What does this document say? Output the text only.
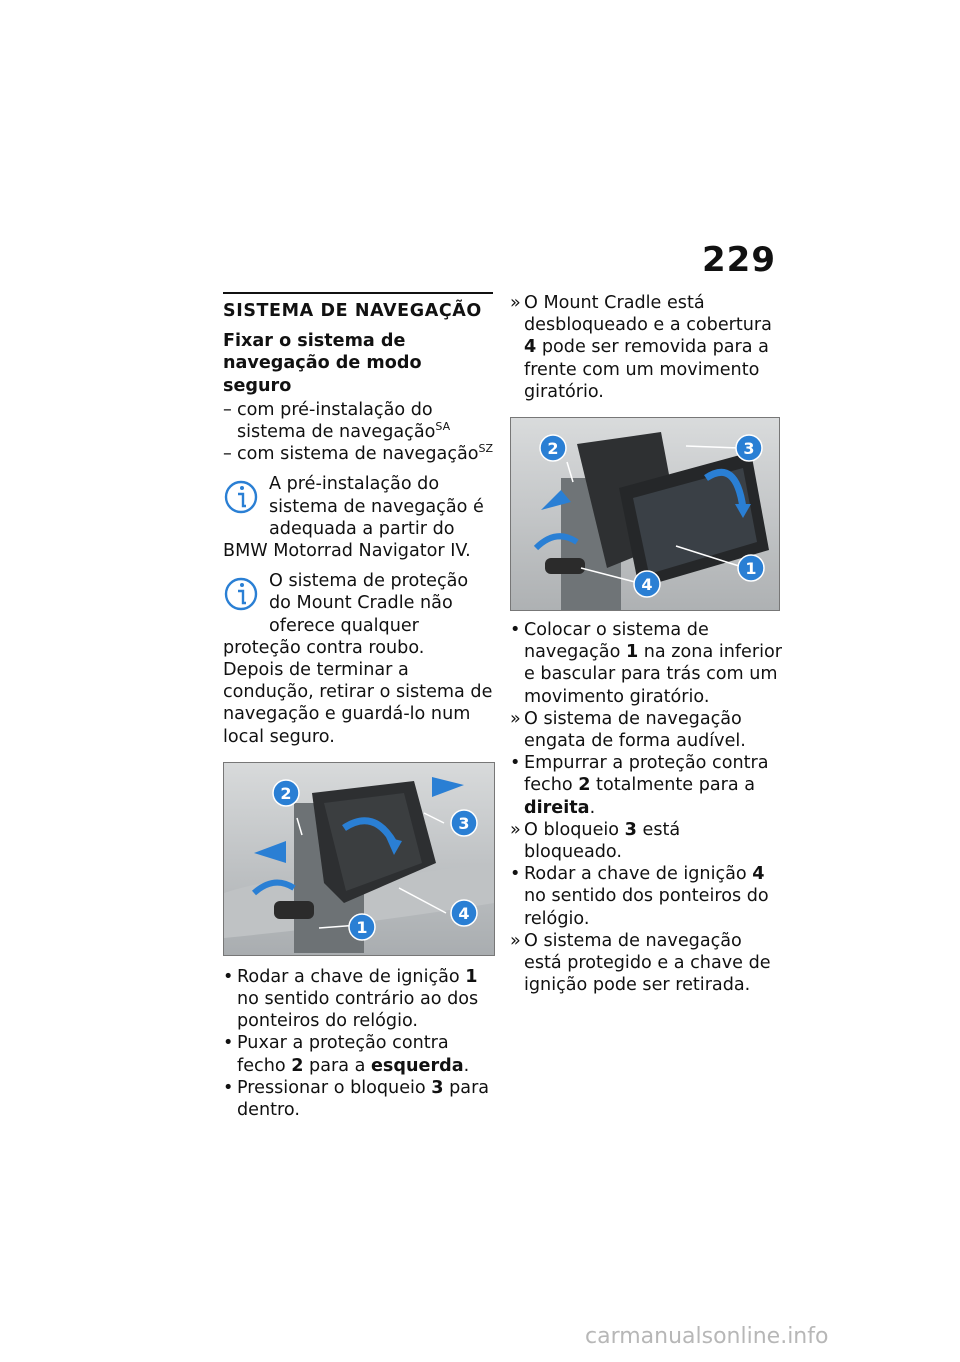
229
SISTEMA DE NAVEGAÇÃO

Fixar o sistema de navegação de modo seguro

– com pré-instalação do sistema de navegação$^{SA}$

– com sistema de navegação$^{SZ}$

A pré-instalação do sistema de navegação é adequada a partir do BMW Motorrad Navigator IV.

O sistema de proteção do Mount Cradle não oferece qualquer proteção contra roubo.

Depois de terminar a condução, retirar o sistema de navegação e guardá-lo num local seguro.

1
2
3
4

• Rodar a chave de ignição 1 no sentido contrário ao dos ponteiros do relógio.

• Puxar a proteção contra fecho 2 para a esquerda.

• Pressionar o bloqueio 3 para dentro.

» O Mount Cradle está desbloqueado e a cobertura 4 pode ser removida para a frente com um movimento giratório.

1
2	3
4

• Colocar o sistema de navegação 1 na zona inferior e bascular para trás com um movimento giratório.

» O sistema de navegação engata de forma audível.

• Empurrar a proteção contra fecho 2 totalmente para a direita.

» O bloqueio 3 está bloqueado.

• Rodar a chave de ignição 4 no sentido dos ponteiros do relógio.

» O sistema de navegação está protegido e a chave de ignição pode ser retirada.

carmanualsonline.info
